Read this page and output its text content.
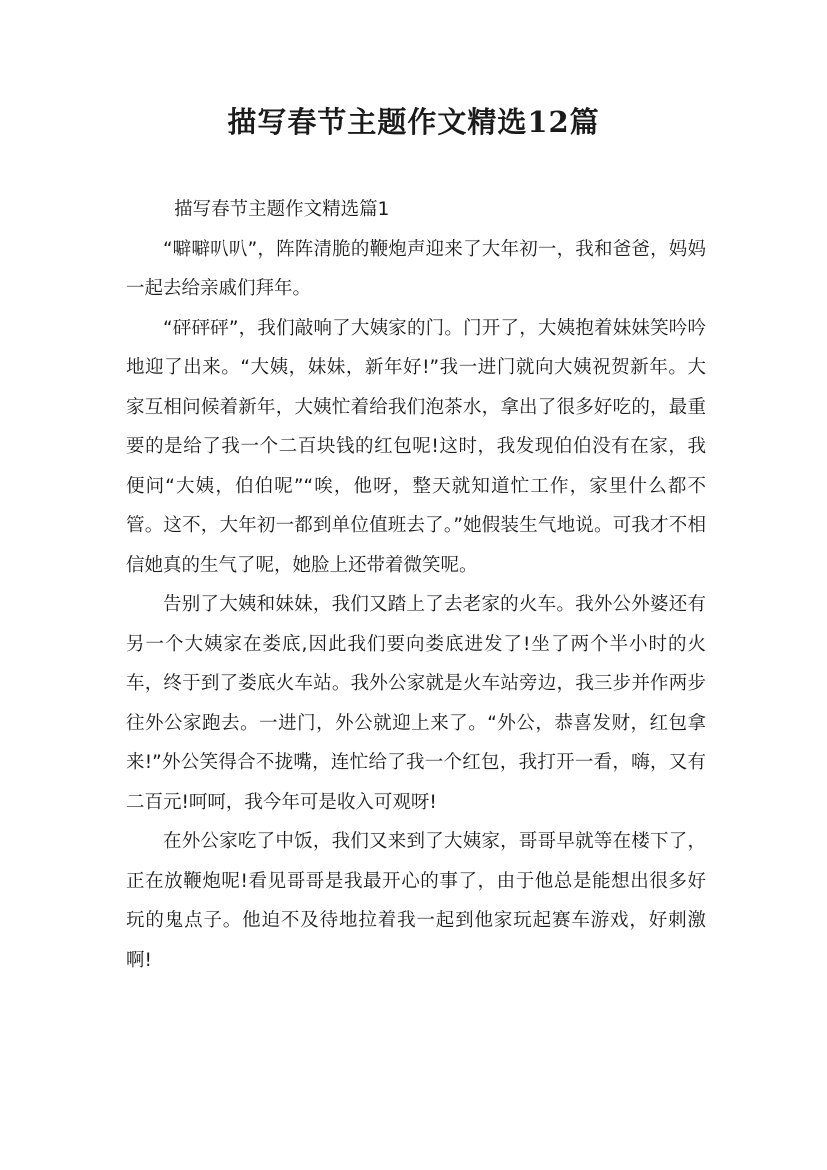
描写春节主题作文精选12篇

描写春节主题作文精选篇1

“噼噼叭叭”，阵阵清脆的鞭炮声迎来了大年初一，我和爸爸，妈妈一起去给亲戚们拜年。

“砰砰砰”，我们敲响了大姨家的门。门开了，大姨抱着妹妹笑吟吟地迎了出来。“大姨，妹妹，新年好!”我一进门就向大姨祝贺新年。大家互相问候着新年，大姨忙着给我们泡茶水，拿出了很多好吃的，最重要的是给了我一个二百块钱的红包呢!这时，我发现伯伯没有在家，我便问“大姨，伯伯呢”“唉，他呀，整天就知道忙工作，家里什么都不管。这不，大年初一都到单位值班去了。”她假装生气地说。可我才不相信她真的生气了呢，她脸上还带着微笑呢。

告别了大姨和妹妹，我们又踏上了去老家的火车。我外公外婆还有另一个大姨家在娄底,因此我们要向娄底进发了!坐了两个半小时的火车，终于到了娄底火车站。我外公家就是火车站旁边，我三步并作两步往外公家跑去。一进门，外公就迎上来了。“外公，恭喜发财，红包拿来!”外公笑得合不拢嘴，连忙给了我一个红包，我打开一看，嗨，又有二百元!呵呵，我今年可是收入可观呀!

在外公家吃了中饭，我们又来到了大姨家，哥哥早就等在楼下了，正在放鞭炮呢!看见哥哥是我最开心的事了，由于他总是能想出很多好玩的鬼点子。他迫不及待地拉着我一起到他家玩起赛车游戏，好刺激啊!
